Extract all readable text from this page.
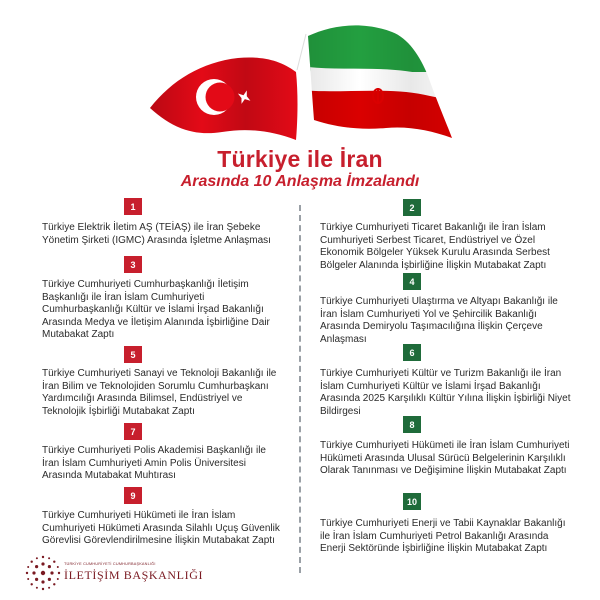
Türkiye ile İran
Arasında 10 Anlaşma İmzalandı
1
Türkiye Elektrik İletim AŞ (TEİAŞ) ile İran Şebeke Yönetim Şirketi (IGMC) Arasında İşletme Anlaşması
3
Türkiye Cumhuriyeti Cumhurbaşkanlığı İletişim Başkanlığı ile İran İslam Cumhuriyeti Cumhurbaşkanlığı Kültür ve İslami İrşad Bakanlığı Arasında Medya ve İletişim Alanında İşbirliğine Dair Mutabakat Zaptı
5
Türkiye Cumhuriyeti Sanayi ve Teknoloji Bakanlığı ile İran Bilim ve Teknolojiden Sorumlu Cumhurbaşkanı Yardımcılığı Arasında Bilimsel, Endüstriyel ve Teknolojik İşbirliği Mutabakat Zaptı
7
Türkiye Cumhuriyeti Polis Akademisi Başkanlığı ile İran İslam Cumhuriyeti Amin Polis Üniversitesi Arasında Mutabakat Muhtırası
9
Türkiye Cumhuriyeti Hükümeti ile İran İslam Cumhuriyeti Hükümeti Arasında Silahlı Uçuş Güvenlik Görevlisi Görevlendirilmesine İlişkin Mutabakat Zaptı
2
Türkiye Cumhuriyeti Ticaret Bakanlığı ile İran İslam Cumhuriyeti Serbest Ticaret, Endüstriyel ve Özel Ekonomik Bölgeler Yüksek Kurulu Arasında Serbest Bölgeler Alanında İşbirliğine İlişkin Mutabakat Zaptı
4
Türkiye Cumhuriyeti Ulaştırma ve Altyapı Bakanlığı ile İran İslam Cumhuriyeti Yol ve Şehircilik Bakanlığı Arasında Demiryolu Taşımacılığına İlişkin Çerçeve Anlaşması
6
Türkiye Cumhuriyeti Kültür ve Turizm Bakanlığı ile İran İslam Cumhuriyeti Kültür ve İslami İrşad Bakanlığı Arasında 2025 Karşılıklı Kültür Yılına İlişkin İşbirliği Niyet Bildirgesi
8
Türkiye Cumhuriyeti Hükümeti ile İran İslam Cumhuriyeti Hükümeti Arasında Ulusal Sürücü Belgelerinin Karşılıklı Olarak Tanınması ve Değişimine İlişkin Mutabakat Zaptı
10
Türkiye Cumhuriyeti Enerji ve Tabii Kaynaklar Bakanlığı ile İran İslam Cumhuriyeti Petrol Bakanlığı Arasında Enerji Sektöründe İşbirliğine İlişkin Mutabakat Zaptı
TÜRKİYE CUMHURİYETİ CUMHURBAŞKANLIĞI
İLETİŞİM BAŞKANLIĞI
